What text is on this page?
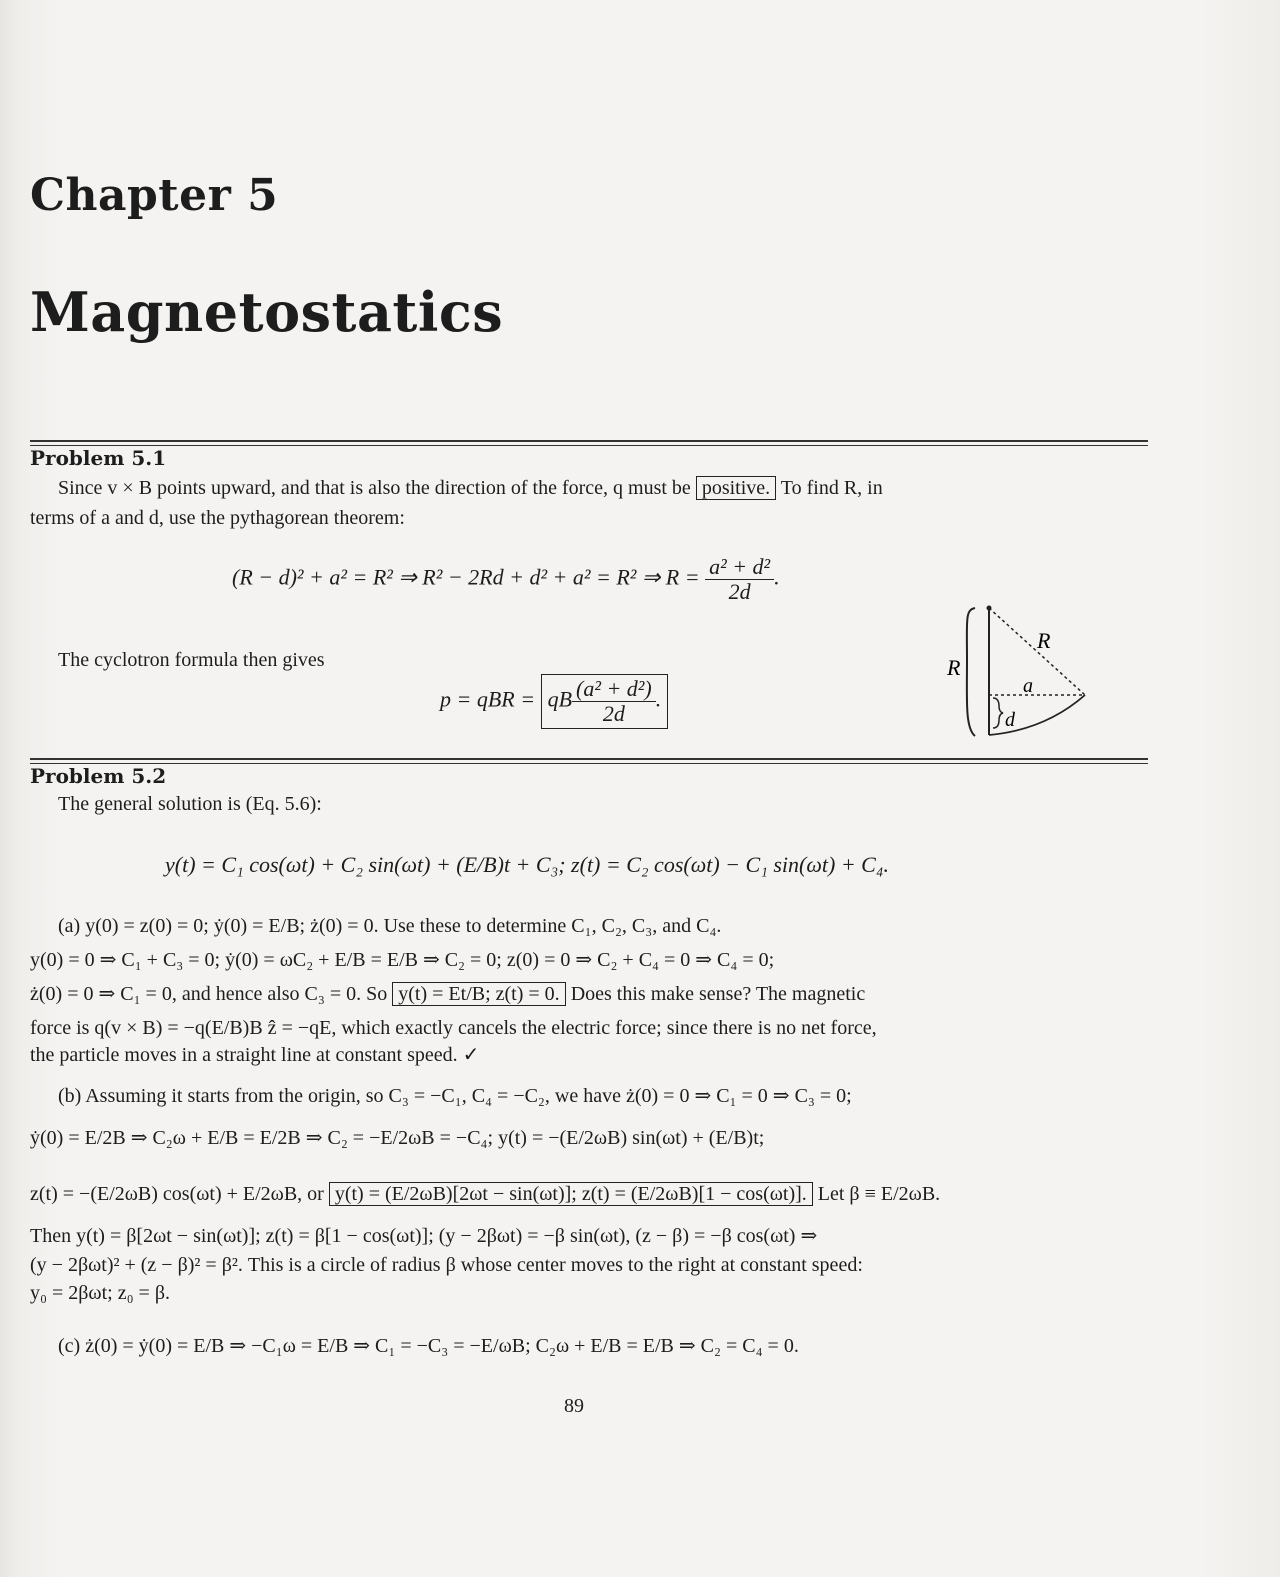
Chapter 5
Magnetostatics
Problem 5.1
Since v × B points upward, and that is also the direction of the force, q must be positive. To find R, in
terms of a and d, use the pythagorean theorem:
(R − d)² + a² = R² ⇒ R² − 2Rd + d² + a² = R² ⇒ $R = \frac{\text{a² + d²}}{2d}$ .
The cyclotron formula then gives
p = qBR = qB $\frac{\text{(a² + d²)}}{2d}$ .
R
R
a
d
Problem 5.2
The general solution is (Eq. 5.6):
y(t) = C₁ cos(ωt) + C₂ sin(ωt) + (E/B)t + C₃; z(t) = C₂ cos(ωt) − C₁ sin(ωt) + C₄.
(a) y(0) = z(0) = 0; ẏ(0) = E/B; ż(0) = 0. Use these to determine C₁, C₂, C₃, and C₄.
y(0) = 0 ⇒ C₁ + C₃ = 0; ẏ(0) = ωC₂ + E/B = E/B ⇒ C₂ = 0; z(0) = 0 ⇒ C₂ + C₄ = 0 ⇒ C₄ = 0;
ż(0) = 0 ⇒ C₁ = 0, and hence also C₃ = 0. So y(t) = Et/B; z(t) = 0. Does this make sense? The magnetic
force is q(v × B) = −q(E/B)B ẑ = −qE, which exactly cancels the electric force; since there is no net force,
the particle moves in a straight line at constant speed. ✓
(b) Assuming it starts from the origin, so C₃ = −C₁, C₄ = −C₂, we have ż(0) = 0 ⇒ C₁ = 0 ⇒ C₃ = 0;
ẏ(0) = E/2B ⇒ C₂ω + E/B = E/2B ⇒ C₂ = −E/2ωB = −C₄; y(t) = −(E/2ωB) sin(ωt) + (E/B)t;
z(t) = −(E/2ωB) cos(ωt) + E/2ωB, or y(t) = (E/2ωB)[2ωt − sin(ωt)]; z(t) = (E/2ωB)[1 − cos(ωt)]. Let β ≡ E/2ωB.
Then y(t) = β[2ωt − sin(ωt)]; z(t) = β[1 − cos(ωt)]; (y − 2βωt) = −β sin(ωt), (z − β) = −β cos(ωt) ⇒
(y − 2βωt)² + (z − β)² = β². This is a circle of radius β whose center moves to the right at constant speed:
y₀ = 2βωt; z₀ = β.
(c) ż(0) = ẏ(0) = E/B ⇒ −C₁ω = E/B ⇒ C₁ = −C₃ = −E/ωB; C₂ω + E/B = E/B ⇒ C₂ = C₄ = 0.
89
